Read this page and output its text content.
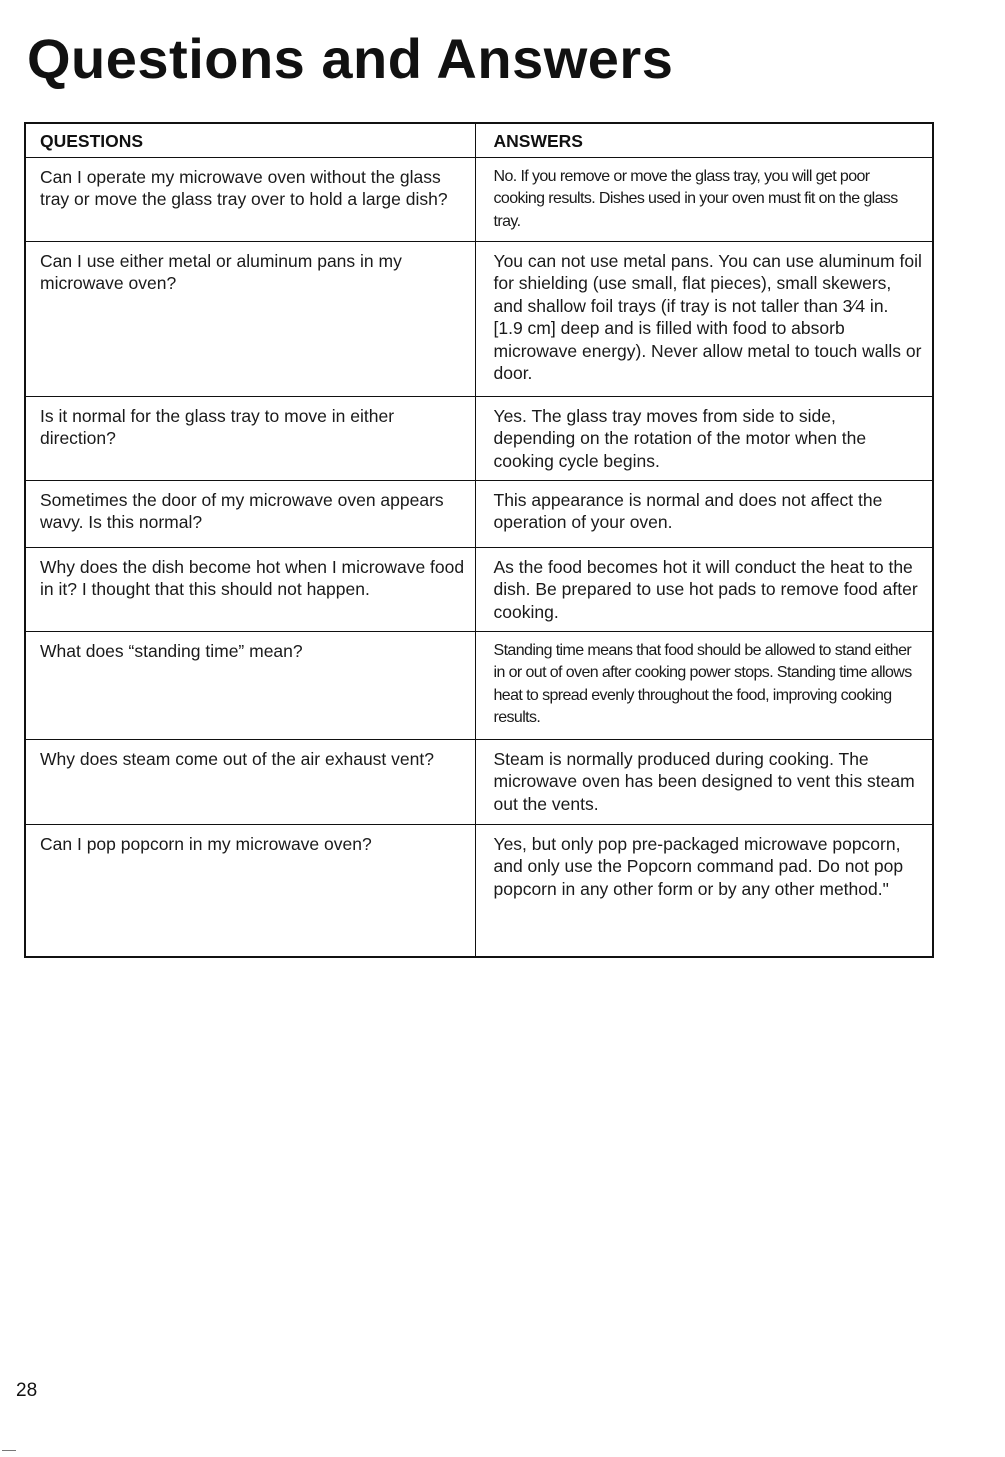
Questions and Answers
QUESTIONS	ANSWERS
Can I operate my microwave oven without the glass tray or move the glass tray over to hold a large dish?	No. If you remove or move the glass tray, you will get poor cooking results. Dishes used in your oven must fit on the glass tray.
Can I use either metal or aluminum pans in my microwave oven?	You can not use metal pans. You can use aluminum foil for shielding (use small, flat pieces), small skewers, and shallow foil trays (if tray is not taller than 3⁄4 in. [1.9 cm] deep and is filled with food to absorb microwave energy). Never allow metal to touch walls or door.
Is it normal for the glass tray to move in either direction?	Yes. The glass tray moves from side to side, depending on the rotation of the motor when the cooking cycle begins.
Sometimes the door of my microwave oven appears wavy. Is this normal?	This appearance is normal and does not affect the operation of your oven.
Why does the dish become hot when I microwave food in it? I thought that this should not happen.	As the food becomes hot it will conduct the heat to the dish. Be prepared to use hot pads to remove food after cooking.
What does “standing time” mean?	Standing time means that food should be allowed to stand either in or out of oven after cooking power stops. Standing time allows heat to spread evenly throughout the food, improving cooking results.
Why does steam come out of the air exhaust vent?	Steam is normally produced during cooking. The microwave oven has been designed to vent this steam out the vents.
Can I pop popcorn in my microwave oven?	Yes, but only pop pre-packaged microwave popcorn, and only use the Popcorn command pad. Do not pop popcorn in any other form or by any other method."
28
